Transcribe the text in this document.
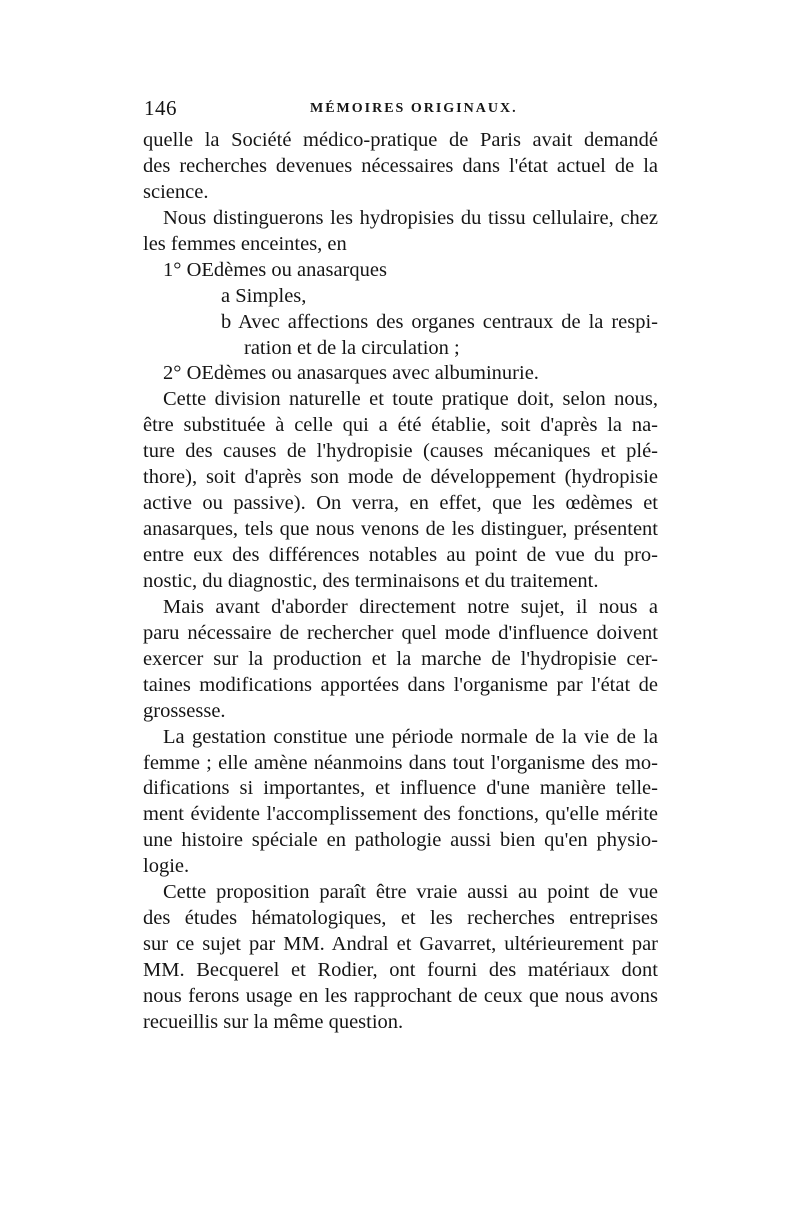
146	MÉMOIRES ORIGINAUX.
quelle la Société médico-pratique de Paris avait demandé
des recherches devenues nécessaires dans l'état actuel de la
science.
Nous distinguerons les hydropisies du tissu cellulaire, chez
les femmes enceintes, en
1° OEdèmes ou anasarques
a Simples,
b Avec affections des organes centraux de la respi-
ration et de la circulation ;
2° OEdèmes ou anasarques avec albuminurie.
Cette division naturelle et toute pratique doit, selon nous,
être substituée à celle qui a été établie, soit d'après la na-
ture des causes de l'hydropisie (causes mécaniques et plé-
thore), soit d'après son mode de développement (hydropisie
active ou passive). On verra, en effet, que les œdèmes et
anasarques, tels que nous venons de les distinguer, présentent
entre eux des différences notables au point de vue du pro-
nostic, du diagnostic, des terminaisons et du traitement.
Mais avant d'aborder directement notre sujet, il nous a
paru nécessaire de rechercher quel mode d'influence doivent
exercer sur la production et la marche de l'hydropisie cer-
taines modifications apportées dans l'organisme par l'état de
grossesse.
La gestation constitue une période normale de la vie de la
femme ; elle amène néanmoins dans tout l'organisme des mo-
difications si importantes, et influence d'une manière telle-
ment évidente l'accomplissement des fonctions, qu'elle mérite
une histoire spéciale en pathologie aussi bien qu'en physio-
logie.
Cette proposition paraît être vraie aussi au point de vue
des études hématologiques, et les recherches entreprises
sur ce sujet par MM. Andral et Gavarret, ultérieurement par
MM. Becquerel et Rodier, ont fourni des matériaux dont
nous ferons usage en les rapprochant de ceux que nous avons
recueillis sur la même question.
